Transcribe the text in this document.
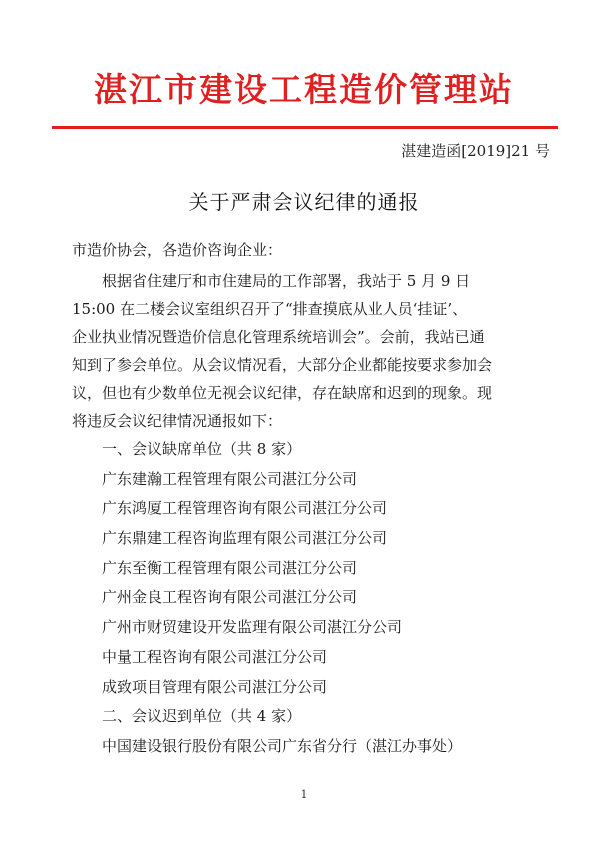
湛江市建设工程造价管理站
湛建造函[2019]21 号
关于严肃会议纪律的通报
市造价协会，各造价咨询企业：
根据省住建厅和市住建局的工作部署，我站于 5 月 9 日
15:00 在二楼会议室组织召开了“排查摸底从业人员‘挂证’、
企业执业情况暨造价信息化管理系统培训会”。会前，我站已通
知到了参会单位。从会议情况看，大部分企业都能按要求参加会
议，但也有少数单位无视会议纪律，存在缺席和迟到的现象。现
将违反会议纪律情况通报如下：
一、会议缺席单位（共 8 家）
广东建瀚工程管理有限公司湛江分公司
广东鸿厦工程管理咨询有限公司湛江分公司
广东鼎建工程咨询监理有限公司湛江分公司
广东至衡工程管理有限公司湛江分公司
广州金良工程咨询有限公司湛江分公司
广州市财贸建设开发监理有限公司湛江分公司
中量工程咨询有限公司湛江分公司
成致项目管理有限公司湛江分公司
二、会议迟到单位（共 4 家）
中国建设银行股份有限公司广东省分行（湛江办事处）
1
